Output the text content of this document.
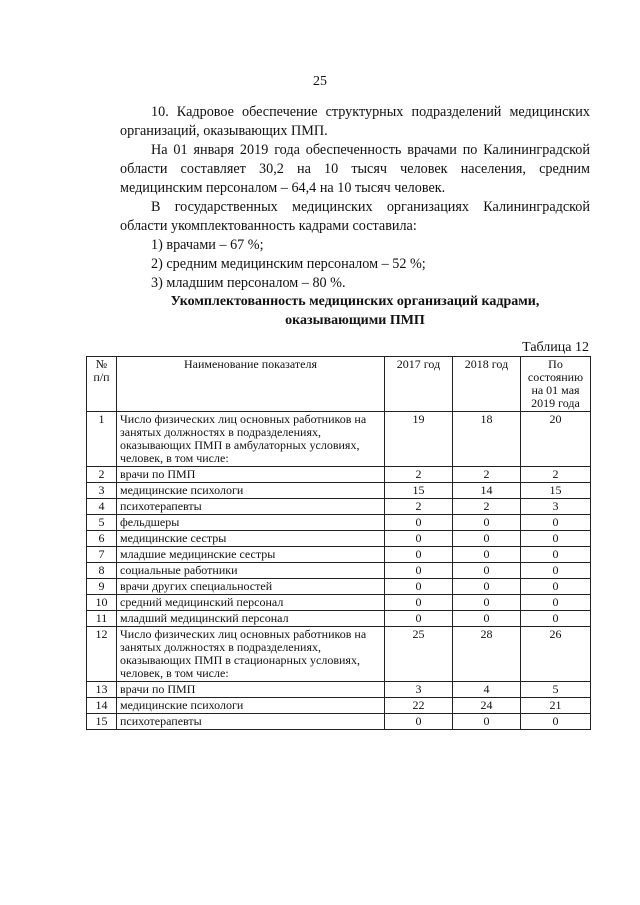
25

10. Кадровое обеспечение структурных подразделений медицинских организаций, оказывающих ПМП.

На 01 января 2019 года обеспеченность врачами по Калининградской области составляет 30,2 на 10 тысяч человек населения, средним медицинским персоналом – 64,4 на 10 тысяч человек.

В государственных медицинских организациях Калининградской области укомплектованность кадрами составила:

1) врачами – 67 %;

2) средним медицинским персоналом – 52 %;

3) младшим персоналом – 80 %.

Укомплектованность медицинских организаций кадрами, оказывающими ПМП
Таблица 12
№ п/п	Наименование показателя	2017 год	2018 год	По состоянию на 01 мая 2019 года
1	Число физических лиц основных работников на занятых должностях в подразделениях, оказывающих ПМП в амбулаторных условиях, человек, в том числе:	19	18	20
2	врачи по ПМП	2	2	2
3	медицинские психологи	15	14	15
4	психотерапевты	2	2	3
5	фельдшеры	0	0	0
6	медицинские сестры	0	0	0
7	младшие медицинские сестры	0	0	0
8	социальные работники	0	0	0
9	врачи других специальностей	0	0	0
10	средний медицинский персонал	0	0	0
11	младший медицинский персонал	0	0	0
12	Число физических лиц основных работников на занятых должностях в подразделениях, оказывающих ПМП в стационарных условиях, человек, в том числе:	25	28	26
13	врачи по ПМП	3	4	5
14	медицинские психологи	22	24	21
15	психотерапевты	0	0	0
